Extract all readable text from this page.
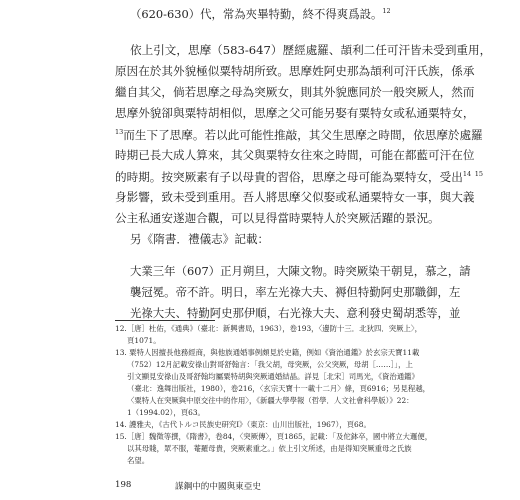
（620-630）代，常為夾畢特勤，終不得爽爲設。$^{12}$
依上引文，思摩（583-647）歷經處羅、頡利二任可汗皆未受到重用，
原因在於其外貌極似粟特胡所致。思摩姓阿史那為頡利可汗氏族，係承
繼自其父，倘若思摩之母為突厥女，則其外貌應同於一般突厥人，然而
思摩外貌卻與粟特胡相似，思摩之父可能另娶有粟特女或私通粟特女，
$^{13}$而生下了思摩。若以此可能性推敲，其父生思摩之時間，依思摩於處羅
時期已長大成人算來，其父與粟特女往來之時間，可能在都藍可汗在位
的時期。按突厥素有子以母貴的習俗，思摩之母可能為粟特女，受出$^{14}$ $^{15}$
身影響，致未受到重用。吾人將思摩父似娶或私通粟特女一事，與大義
公主私通安遂迦合觀，可以見得當時粟特人於突厥活躍的景況。
另《隋書．禮儀志》記載：
大業三年（607）正月朔旦，大陳文物。時突厥染干朝見，慕之，請
襲冠冕。帝不許。明日，率左光祿大夫、褥但特勤阿史那職御，左
光祿大夫、特勤阿史那伊順，右光祿大夫、意利發史蜀胡悉等，並
12.［唐］杜佑，《通典》（臺北：新興書局，1963），卷193，〈邊防十三．北狄四．突厥上〉，
頁1071。
13. 粟特人因擅長他務經商，與他族通婚事例頗見於史籍，例如《資治通鑑》於玄宗天寶11載
（752）12月記載安祿山對哥舒翰言：「我父胡，母突厥，公父突厥，母胡［……］」，上
引文顯見安祿山及哥舒翰均屬粟特胡與突厥通婚結晶。詳見［北宋］司馬光，《資治通鑑》
（臺北：逸舞出版社，1980），卷216，〈玄宗天寶十一載十二月〉條，頁6916；另見程越，
〈粟特人在突厥與中原交往中的作用〉，《新疆大學學報（哲學．人文社會科學版）》22：
1（1994.02），頁63。
14. 護雅夫，《古代トルコ民族史研究Ⅰ》（東京：山川出版社，1967），頁68。
15.［唐］魏徵等撰，《隋書》，卷84，〈突厥傳〉，頁1865，記載：「及佗鉢卒，國中將立大邏便，
以其母賤，眾不服，菴羅母貴，突厥素重之。」依上引文所述，由是得知突厥重母之氏族
名望。
198	謀鋼中的中國與東亞史
